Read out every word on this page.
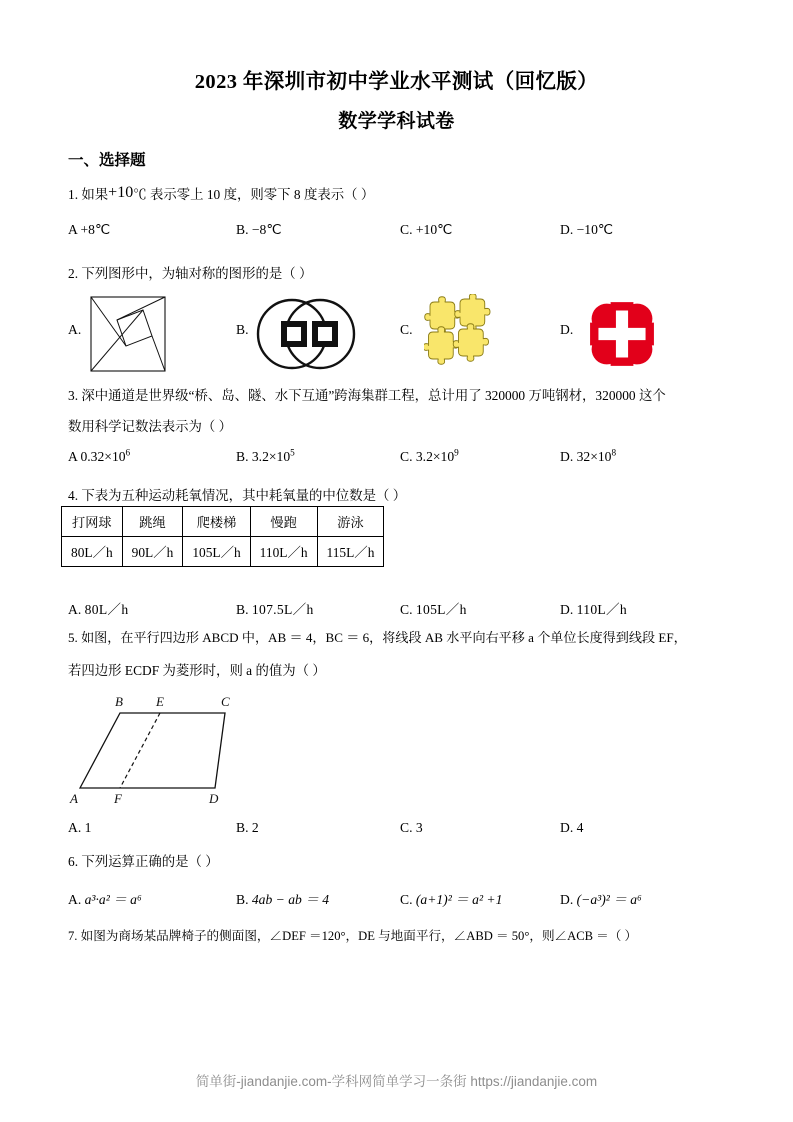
2023 年深圳市初中学业水平测试（回忆版）
数学学科试卷
一、选择题
1. 如果+10℃ 表示零上 10 度，则零下 8 度表示（ ）
A +8℃	B. −8℃	C. +10℃	D. −10℃
2. 下列图形中，为轴对称的图形的是（ ）
A.	B.	C.	D.
3. 深中通道是世界级“桥、岛、隧、水下互通”跨海集群工程，总计用了 320000 万吨钢材，320000 这个
数用科学记数法表示为（ ）
A $0.32\times 10^6$	B. $3.2\times 10^5$	C. $3.2\times 10^9$	D. $32\times 10^8$
4. 下表为五种运动耗氧情况，其中耗氧量的中位数是（ ）
打网球	跳绳	爬楼梯	慢跑	游泳
80L／h	90L／h	105L／h	110L／h	115L／h
A. 80L／h	B. 107.5L／h	C. 105L／h	D. 110L／h
5. 如图，在平行四边形 ABCD 中，AB ＝ 4，BC ＝ 6，将线段 AB 水平向右平移 a 个单位长度得到线段 EF，
若四边形 ECDF 为菱形时，则 a 的值为（ ）
B	E	C
A	F	D
A. 1	B. 2	C. 3	D. 4
6. 下列运算正确的是（ ）
A. a³·a² ＝ a⁶	B. 4ab − ab ＝ 4	C. (a+1)² ＝ a² +1	D. (−a³)² ＝ a⁶
7. 如图为商场某品牌椅子的侧面图，∠DEF ＝120°，DE 与地面平行，∠ABD ＝ 50°，则∠ACB ＝（ ）
简单街-jiandanjie.com-学科网简单学习一条街 https://jiandanjie.com
